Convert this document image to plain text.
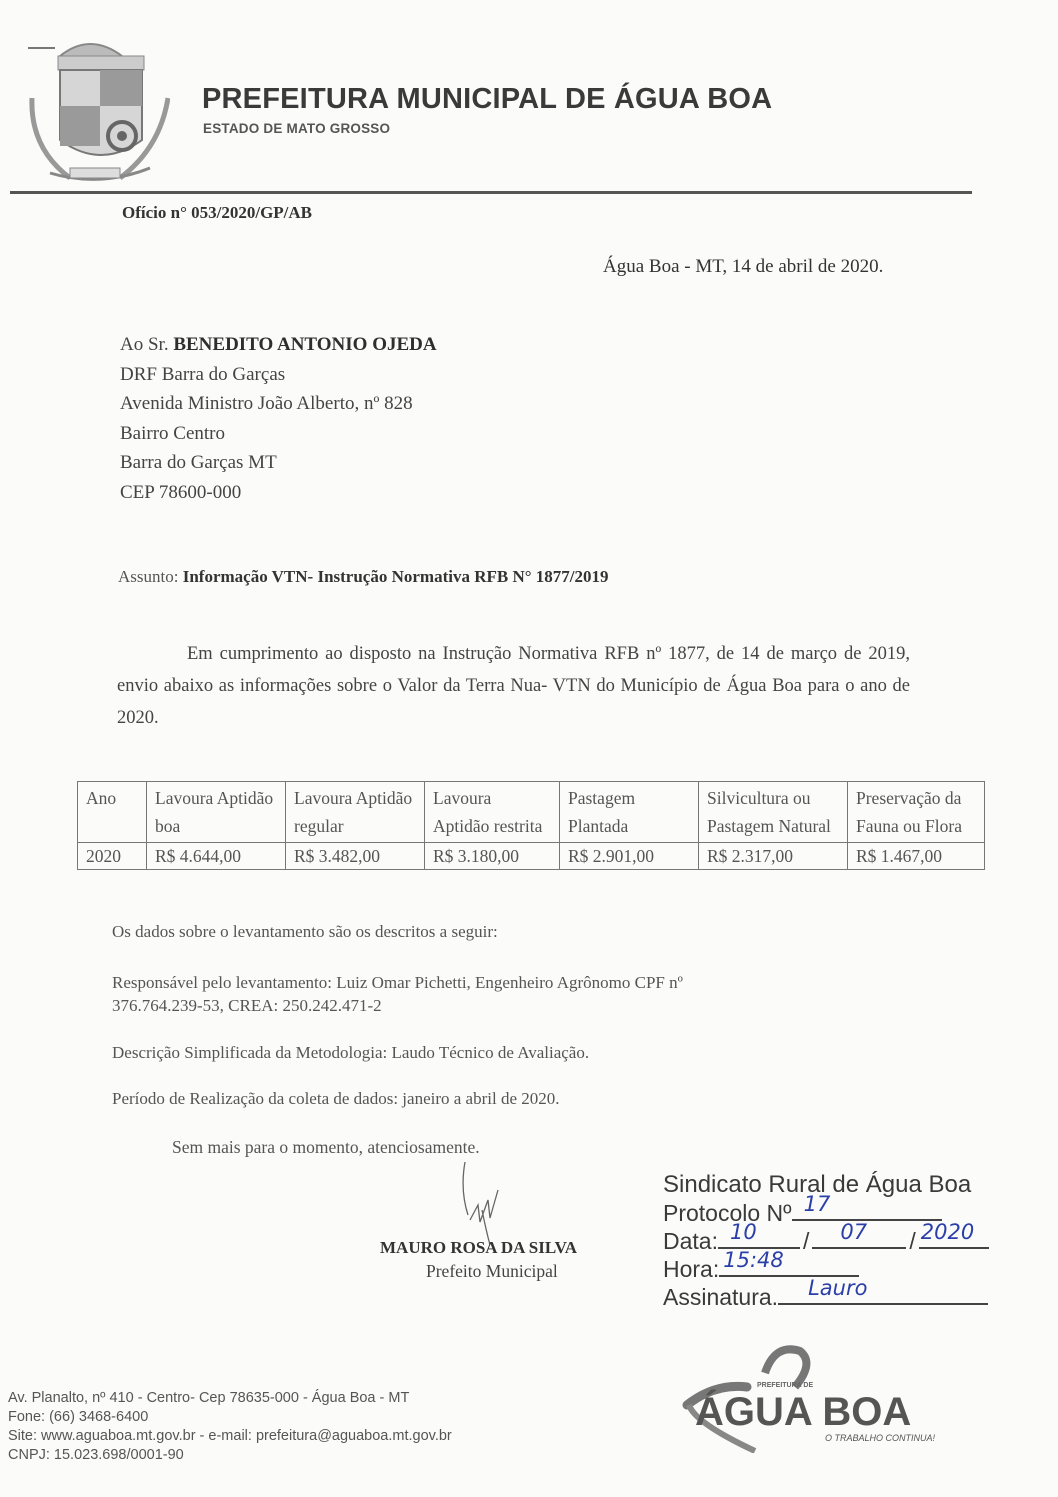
PREFEITURA MUNICIPAL DE ÁGUA BOA
ESTADO DE MATO GROSSO
Ofício n° 053/2020/GP/AB
Água Boa - MT, 14 de abril de 2020.
Ao Sr. BENEDITO ANTONIO OJEDA
DRF Barra do Garças
Avenida Ministro João Alberto, nº 828
Bairro Centro
Barra do Garças MT
CEP 78600-000
Assunto: Informação VTN- Instrução Normativa RFB N° 1877/2019
Em cumprimento ao disposto na Instrução Normativa RFB nº 1877, de 14 de março de 2019, envio abaixo as informações sobre o Valor da Terra Nua- VTN do Município de Água Boa para o ano de 2020.
Ano	Lavoura Aptidão boa	Lavoura Aptidão regular	Lavoura Aptidão restrita	Pastagem Plantada	Silvicultura ou Pastagem Natural	Preservação da Fauna ou Flora
2020	R$ 4.644,00	R$ 3.482,00	R$ 3.180,00	R$ 2.901,00	R$ 2.317,00	R$ 1.467,00
Os dados sobre o levantamento são os descritos a seguir:
Responsável pelo levantamento: Luiz Omar Pichetti, Engenheiro Agrônomo CPF nº
376.764.239-53, CREA: 250.242.471-2
Descrição Simplificada da Metodologia: Laudo Técnico de Avaliação.
Período de Realização da coleta de dados: janeiro a abril de 2020.
Sem mais para o momento, atenciosamente.
MAURO ROSA DA SILVA
Prefeito Municipal
Sindicato Rural de Água Boa
Protocolo Nº 17
Data: 10 / 07 / 2020
Hora: 15:48
Assinatura. Lauro
Av. Planalto, nº 410 - Centro- Cep 78635-000 - Água Boa - MT
Fone: (66) 3468-6400
Site: www.aguaboa.mt.gov.br - e-mail: prefeitura@aguaboa.mt.gov.br
CNPJ: 15.023.698/0001-90
PREFEITURA DE
ÁGUA BOA
O TRABALHO CONTINUA!
